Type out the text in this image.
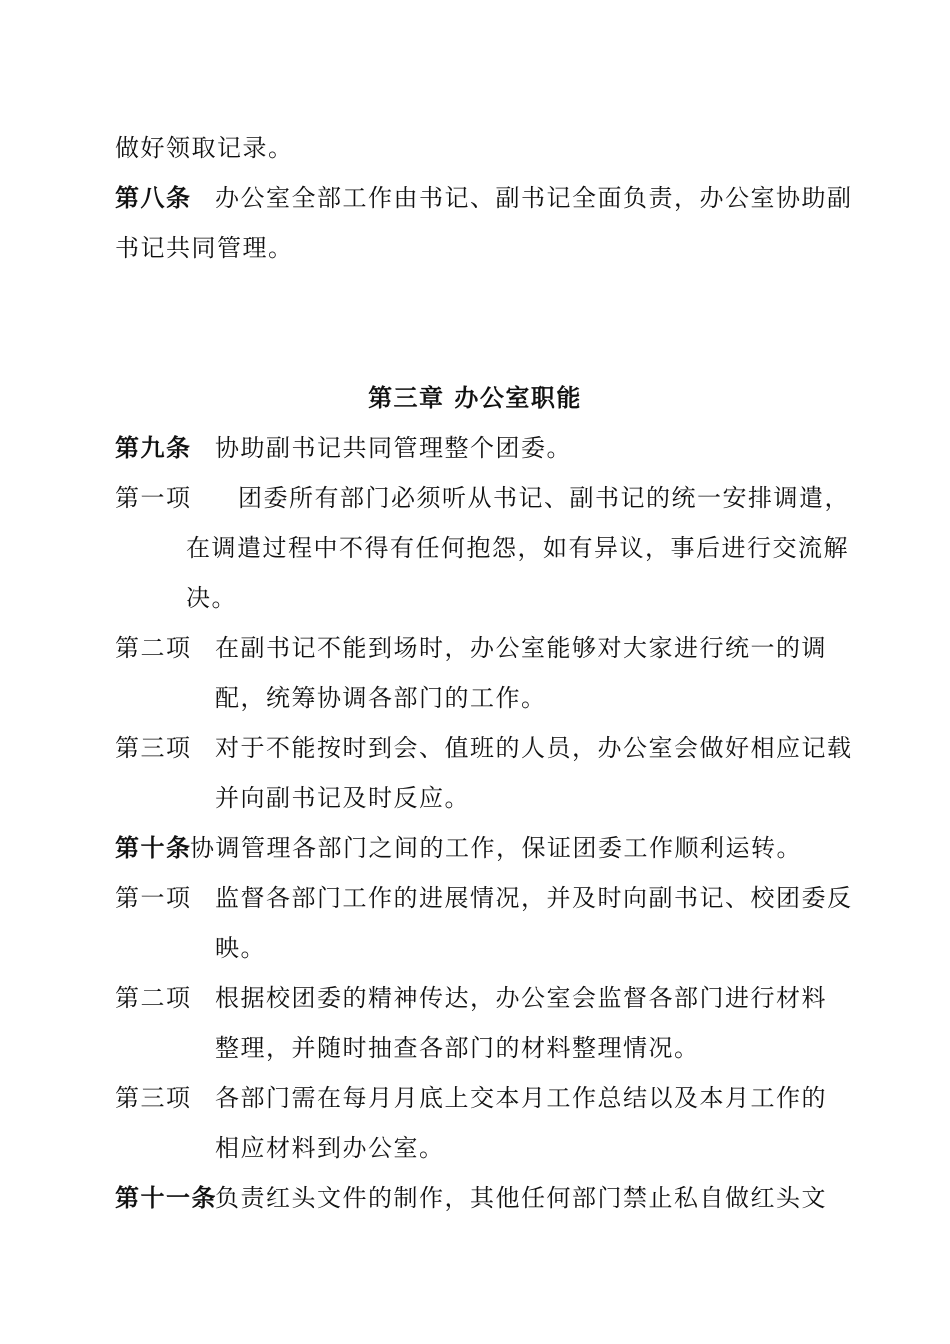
做好领取记录。
第八条 办公室全部工作由书记、副书记全面负责，办公室协助副
书记共同管理。
第三章 办公室职能
第九条 协助副书记共同管理整个团委。
第一项 团委所有部门必须听从书记、副书记的统一安排调遣，
在调遣过程中不得有任何抱怨，如有异议，事后进行交流解
决。
第二项 在副书记不能到场时，办公室能够对大家进行统一的调
配，统筹协调各部门的工作。
第三项 对于不能按时到会、值班的人员，办公室会做好相应记载
并向副书记及时反应。
第十条
协调管理各部门之间的工作，保证团委工作顺利运转。
第一项 监督各部门工作的进展情况，并及时向副书记、校团委反
映。
第二项 根据校团委的精神传达，办公室会监督各部门进行材料
整理，并随时抽查各部门的材料整理情况。
第三项 各部门需在每月月底上交本月工作总结以及本月工作的
相应材料到办公室。
第十一条
负责红头文件的制作，其他任何部门禁止私自做红头文
